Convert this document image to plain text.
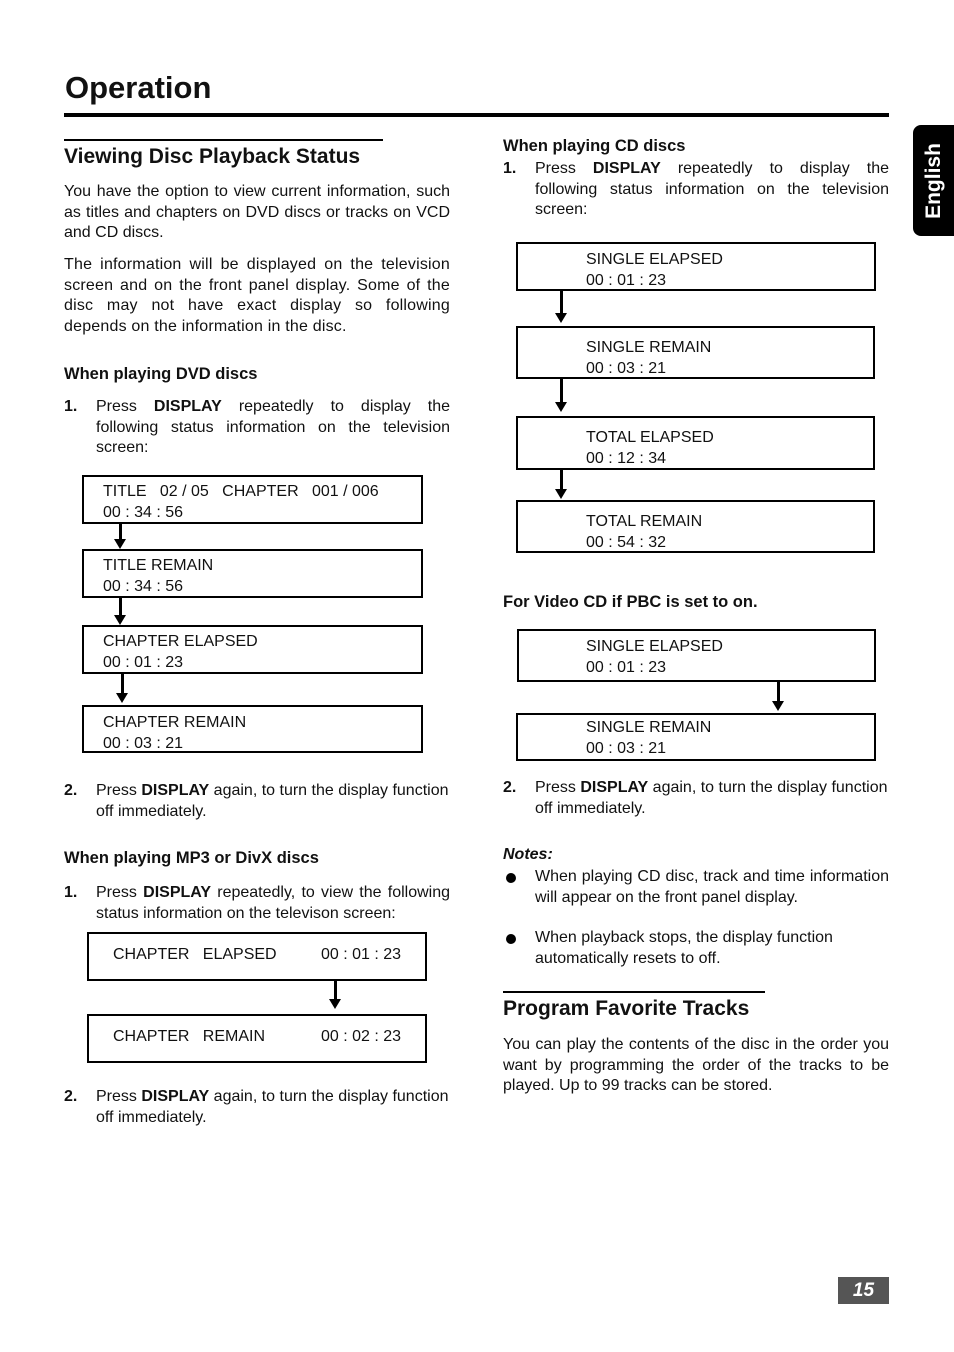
Operation
English
Viewing Disc Playback Status
You have the option to view current information, such as titles and chapters on DVD discs or tracks on VCD and CD discs.
The information will be displayed on the television screen and on the front panel display. Some of the disc may not have exact display so following depends on the information in the disc.
When playing DVD discs
1. Press DISPLAY repeatedly to display the following status information on the television screen:
TITLE   02 / 05   CHAPTER   001 / 006
00 : 34 : 56
TITLE REMAIN
00 : 34 : 56
CHAPTER ELAPSED
00 : 01 : 23
CHAPTER REMAIN
00 : 03 : 21
2. Press DISPLAY again, to turn the display function off immediately.
When playing MP3 or DivX discs
1. Press DISPLAY repeatedly, to view the following status information on the televison screen:
CHAPTER   ELAPSED	00 : 01 : 23
CHAPTER   REMAIN	00 : 02 : 23
2. Press DISPLAY again, to turn the display function off immediately.
When playing CD discs
1. Press DISPLAY repeatedly to display the following status information on the television screen:
SINGLE ELAPSED
00 : 01 : 23
SINGLE REMAIN
00 : 03 : 21
TOTAL ELAPSED
00 : 12 : 34
TOTAL REMAIN
00 : 54 : 32
For Video CD if PBC is set to on.
SINGLE ELAPSED
00 : 01 : 23
SINGLE REMAIN
00 : 03 : 21
2. Press DISPLAY again, to turn the display function off immediately.
Notes:
When playing CD disc, track and time information will appear on the front panel display.
When playback stops, the display function automatically resets to off.
Program Favorite Tracks
You can play the contents of the disc in the order you want by programming the order of the tracks to be played. Up to 99 tracks can be stored.
15
